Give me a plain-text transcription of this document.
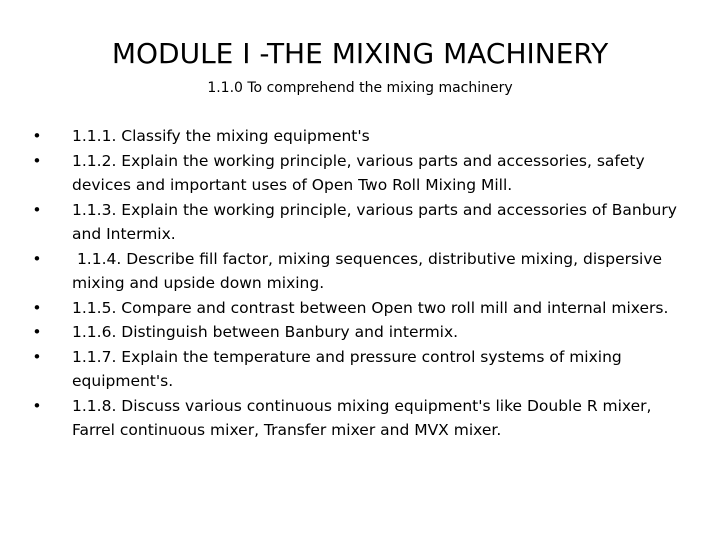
MODULE I -THE MIXING MACHINERY
1.1.0 To comprehend the mixing machinery
• 1.1.1. Classify the mixing equipment's
• 1.1.2. Explain the working principle, various parts and accessories, safety devices and important uses of Open Two Roll Mixing Mill.
• 1.1.3. Explain the working principle, various parts and accessories of Banbury and Intermix.
• 1.1.4. Describe fill factor, mixing sequences, distributive mixing, dispersive mixing and upside down mixing.
• 1.1.5. Compare and contrast between Open two roll mill and internal mixers.
• 1.1.6. Distinguish between Banbury and intermix.
• 1.1.7. Explain the temperature and pressure control systems of mixing equipment's.
• 1.1.8. Discuss various continuous mixing equipment's like Double R mixer, Farrel continuous mixer, Transfer mixer and MVX mixer.
